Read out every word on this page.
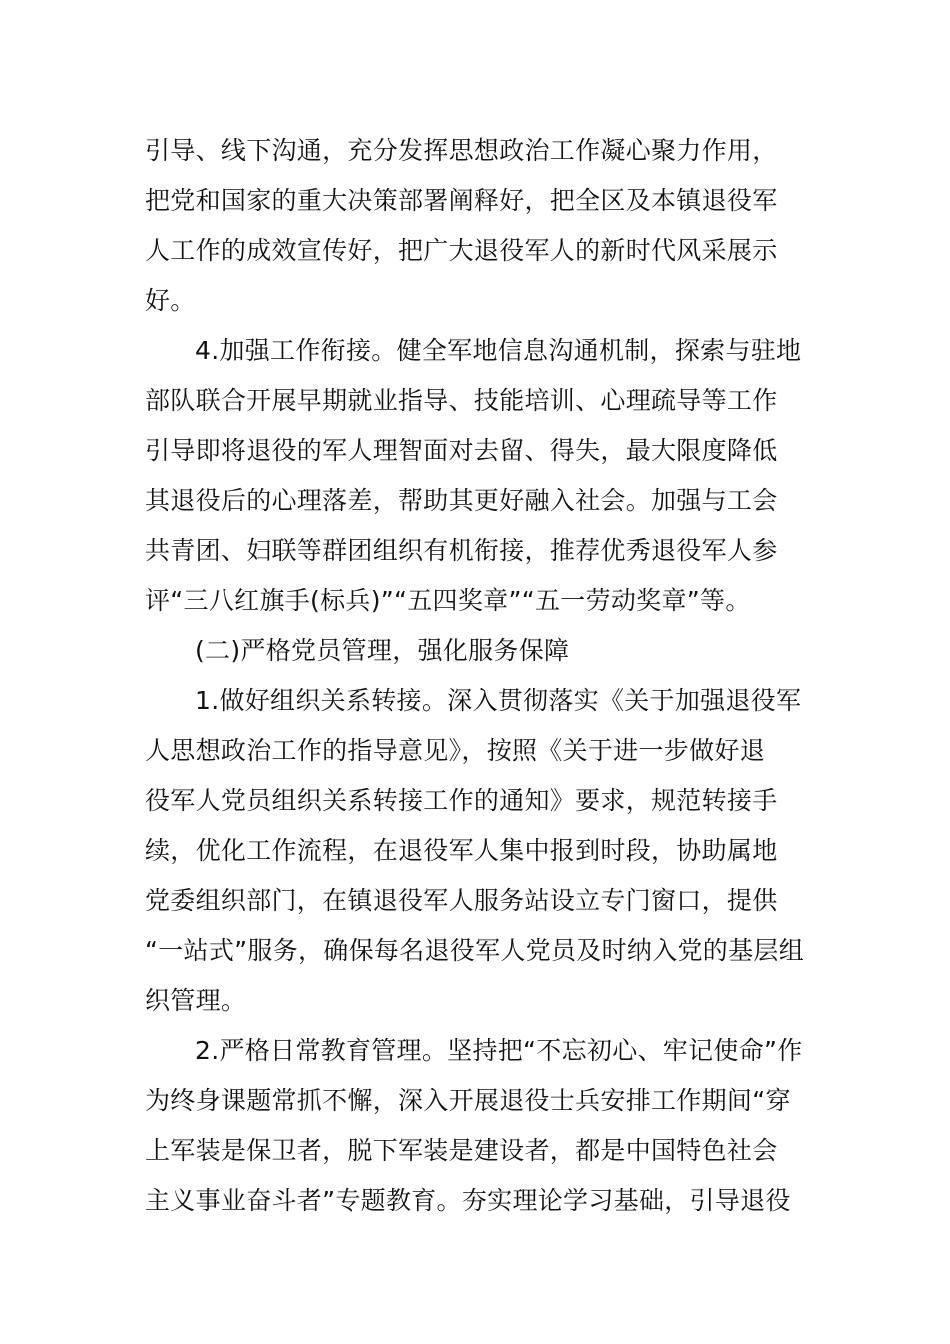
引导、线下沟通，充分发挥思想政治工作凝心聚力作用，
把党和国家的重大决策部署阐释好，把全区及本镇退役军
人工作的成效宣传好，把广大退役军人的新时代风采展示
好。
4.加强工作衔接。健全军地信息沟通机制，探索与驻地
部队联合开展早期就业指导、技能培训、心理疏导等工作
引导即将退役的军人理智面对去留、得失，最大限度降低
其退役后的心理落差，帮助其更好融入社会。加强与工会
共青团、妇联等群团组织有机衔接，推荐优秀退役军人参
评“三八红旗手(标兵)”“五四奖章”“五一劳动奖章”等。
(二)严格党员管理，强化服务保障
1.做好组织关系转接。深入贯彻落实《关于加强退役军
人思想政治工作的指导意见》，按照《关于进一步做好退
役军人党员组织关系转接工作的通知》要求，规范转接手
续，优化工作流程，在退役军人集中报到时段，协助属地
党委组织部门，在镇退役军人服务站设立专门窗口，提供
“一站式”服务，确保每名退役军人党员及时纳入党的基层组
织管理。
2.严格日常教育管理。坚持把“不忘初心、牢记使命”作
为终身课题常抓不懈，深入开展退役士兵安排工作期间“穿
上军装是保卫者，脱下军装是建设者，都是中国特色社会
主义事业奋斗者”专题教育。夯实理论学习基础，引导退役
